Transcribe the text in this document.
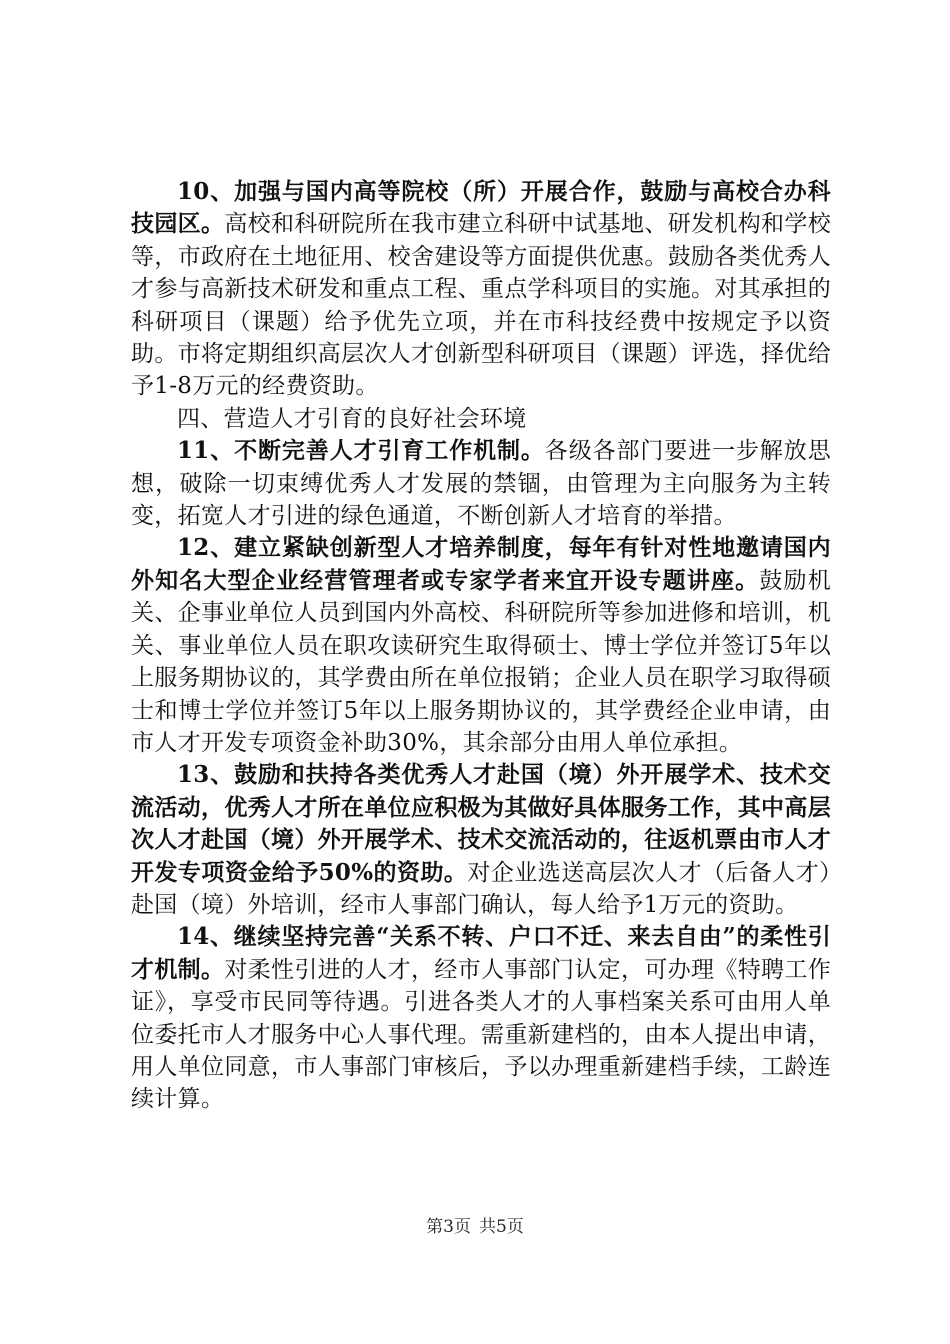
10、加强与国内高等院校（所）开展合作，鼓励与高校合办科技园区。高校和科研院所在我市建立科研中试基地、研发机构和学校等，市政府在土地征用、校舍建设等方面提供优惠。鼓励各类优秀人才参与高新技术研发和重点工程、重点学科项目的实施。对其承担的科研项目（课题）给予优先立项，并在市科技经费中按规定予以资助。市将定期组织高层次人才创新型科研项目（课题）评选，择优给予1-8万元的经费资助。

四、营造人才引育的良好社会环境

11、不断完善人才引育工作机制。各级各部门要进一步解放思想，破除一切束缚优秀人才发展的禁锢，由管理为主向服务为主转变，拓宽人才引进的绿色通道，不断创新人才培育的举措。

12、建立紧缺创新型人才培养制度，每年有针对性地邀请国内外知名大型企业经营管理者或专家学者来宜开设专题讲座。鼓励机关、企事业单位人员到国内外高校、科研院所等参加进修和培训，机关、事业单位人员在职攻读研究生取得硕士、博士学位并签订5年以上服务期协议的，其学费由所在单位报销；企业人员在职学习取得硕士和博士学位并签订5年以上服务期协议的，其学费经企业申请，由市人才开发专项资金补助30%，其余部分由用人单位承担。

13、鼓励和扶持各类优秀人才赴国（境）外开展学术、技术交流活动，优秀人才所在单位应积极为其做好具体服务工作，其中高层次人才赴国（境）外开展学术、技术交流活动的，往返机票由市人才开发专项资金给予50%的资助。对企业选送高层次人才（后备人才）赴国（境）外培训，经市人事部门确认，每人给予1万元的资助。

14、继续坚持完善“关系不转、户口不迁、来去自由”的柔性引才机制。对柔性引进的人才，经市人事部门认定，可办理《特聘工作证》，享受市民同等待遇。引进各类人才的人事档案关系可由用人单位委托市人才服务中心人事代理。需重新建档的，由本人提出申请，用人单位同意，市人事部门审核后，予以办理重新建档手续，工龄连续计算。

第3页 共5页
